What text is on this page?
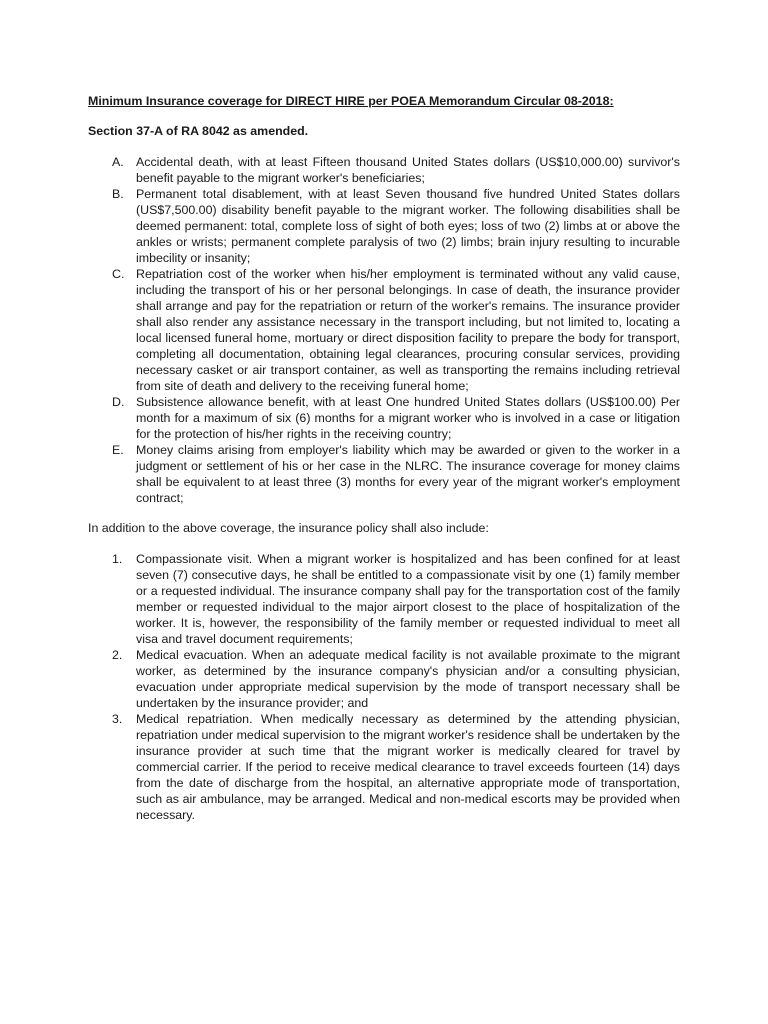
Minimum Insurance coverage for DIRECT HIRE per POEA Memorandum Circular 08-2018:

Section 37-A of RA 8042 as amended.

A. Accidental death, with at least Fifteen thousand United States dollars (US$10,000.00) survivor's benefit payable to the migrant worker's beneficiaries;
B. Permanent total disablement, with at least Seven thousand five hundred United States dollars (US$7,500.00) disability benefit payable to the migrant worker. The following disabilities shall be deemed permanent: total, complete loss of sight of both eyes; loss of two (2) limbs at or above the ankles or wrists; permanent complete paralysis of two (2) limbs; brain injury resulting to incurable imbecility or insanity;
C. Repatriation cost of the worker when his/her employment is terminated without any valid cause, including the transport of his or her personal belongings. In case of death, the insurance provider shall arrange and pay for the repatriation or return of the worker's remains. The insurance provider shall also render any assistance necessary in the transport including, but not limited to, locating a local licensed funeral home, mortuary or direct disposition facility to prepare the body for transport, completing all documentation, obtaining legal clearances, procuring consular services, providing necessary casket or air transport container, as well as transporting the remains including retrieval from site of death and delivery to the receiving funeral home;
D. Subsistence allowance benefit, with at least One hundred United States dollars (US$100.00) Per month for a maximum of six (6) months for a migrant worker who is involved in a case or litigation for the protection of his/her rights in the receiving country;
E. Money claims arising from employer's liability which may be awarded or given to the worker in a judgment or settlement of his or her case in the NLRC. The insurance coverage for money claims shall be equivalent to at least three (3) months for every year of the migrant worker's employment contract;

In addition to the above coverage, the insurance policy shall also include:

1. Compassionate visit. When a migrant worker is hospitalized and has been confined for at least seven (7) consecutive days, he shall be entitled to a compassionate visit by one (1) family member or a requested individual. The insurance company shall pay for the transportation cost of the family member or requested individual to the major airport closest to the place of hospitalization of the worker. It is, however, the responsibility of the family member or requested individual to meet all visa and travel document requirements;
2. Medical evacuation. When an adequate medical facility is not available proximate to the migrant worker, as determined by the insurance company's physician and/or a consulting physician, evacuation under appropriate medical supervision by the mode of transport necessary shall be undertaken by the insurance provider; and
3. Medical repatriation. When medically necessary as determined by the attending physician, repatriation under medical supervision to the migrant worker's residence shall be undertaken by the insurance provider at such time that the migrant worker is medically cleared for travel by commercial carrier. If the period to receive medical clearance to travel exceeds fourteen (14) days from the date of discharge from the hospital, an alternative appropriate mode of transportation, such as air ambulance, may be arranged. Medical and non-medical escorts may be provided when necessary.
